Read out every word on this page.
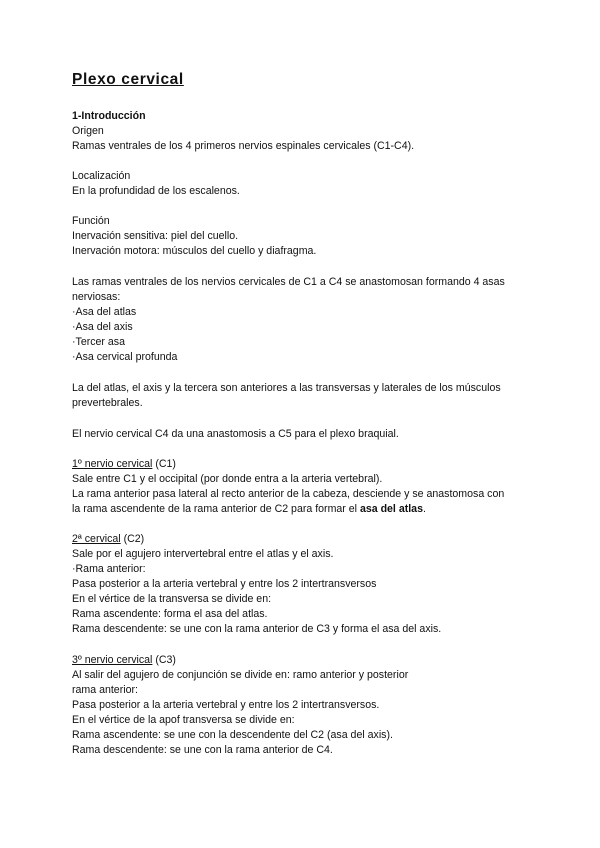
Plexo cervical
1-Introducción
Origen
Ramas ventrales de los 4 primeros nervios espinales cervicales (C1-C4).
Localización
En la profundidad de los escalenos.
Función
Inervación sensitiva: piel del cuello.
Inervación motora: músculos del cuello y diafragma.
Las ramas ventrales de los nervios cervicales de C1 a C4 se anastomosan formando 4 asas
nerviosas:
·Asa del atlas
·Asa del axis
·Tercer asa
·Asa cervical profunda
La del atlas, el axis y la tercera son anteriores a las transversas y laterales de los músculos
prevertebrales.
El nervio cervical C4 da una anastomosis a C5 para el plexo braquial.
1º nervio cervical (C1)
Sale entre C1 y el occipital (por donde entra a la arteria vertebral).
La rama anterior pasa lateral al recto anterior de la cabeza, desciende y se anastomosa con
la rama ascendente de la rama anterior de C2 para formar el asa del atlas.
2ª cervical (C2)
Sale por el agujero intervertebral entre el atlas y el axis.
·Rama anterior:
Pasa posterior a la arteria vertebral y entre los 2 intertransversos
En el vértice de la transversa se divide en:
Rama ascendente: forma el asa del atlas.
Rama descendente: se une con la rama anterior de C3 y forma el asa del axis.
3º nervio cervical (C3)
Al salir del agujero de conjunción se divide en: ramo anterior y posterior
rama anterior:
Pasa posterior a la arteria vertebral y entre los 2 intertransversos.
En el vértice de la apof transversa se divide en:
Rama ascendente: se une con la descendente del C2 (asa del axis).
Rama descendente: se une con la rama anterior de C4.
